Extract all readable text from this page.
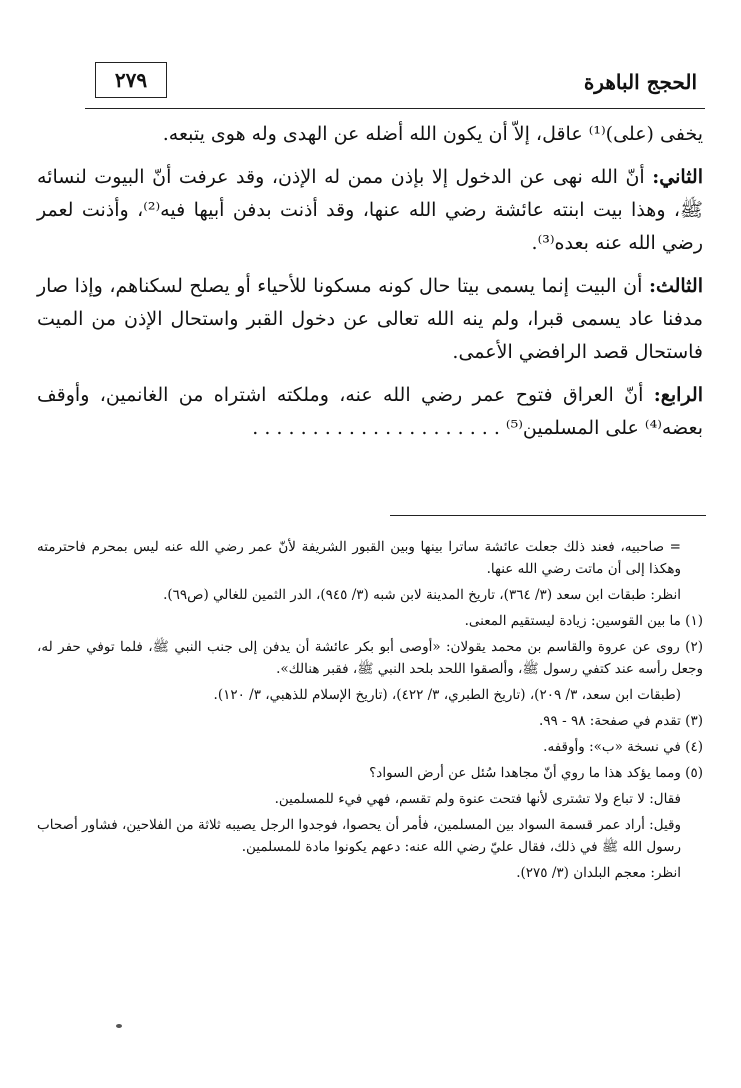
الحجج الباهرة
٢٧٩

يخفى (على)⁽¹⁾ عاقل، إلاّ أن يكون الله أضله عن الهدى وله هوى يتبعه.

الثاني: أنّ الله نهى عن الدخول إلا بإذن ممن له الإذن، وقد عرفت أنّ البيوت لنسائه ﷺ، وهذا بيت ابنته عائشة رضي الله عنها، وقد أذنت بدفن أبيها فيه⁽²⁾، وأذنت لعمر رضي الله عنه بعده⁽³⁾.

الثالث: أن البيت إنما يسمى بيتا حال كونه مسكونا للأحياء أو يصلح لسكناهم، وإذا صار مدفنا عاد يسمى قبرا، ولم ينه الله تعالى عن دخول القبر واستحال الإذن من الميت فاستحال قصد الرافضي الأعمى.

الرابع: أنّ العراق فتوح عمر رضي الله عنه، وملكته اشتراه من الغانمين، وأوقف بعضه⁽⁴⁾ على المسلمين⁽⁵⁾ . . . . . . . . . . . . . . . . . . . . .

= صاحبيه، فعند ذلك جعلت عائشة ساترا بينها وبين القبور الشريفة لأنّ عمر رضي الله عنه ليس بمحرم فاحترمته وهكذا إلى أن ماتت رضي الله عنها.

انظر: طبقات ابن سعد (٣/ ٣٦٤)، تاريخ المدينة لابن شبه (٣/ ٩٤٥)، الدر الثمين للغالي (ص٦٩).

(١) ما بين القوسين: زيادة ليستقيم المعنى.

(٢) روى عن عروة والقاسم بن محمد يقولان: «أوصى أبو بكر عائشة أن يدفن إلى جنب النبي ﷺ، فلما توفي حفر له، وجعل رأسه عند كتفي رسول ﷺ، وألصقوا اللحد بلحد النبي ﷺ، فقبر هنالك».

(طبقات ابن سعد، ٣/ ٢٠٩)، (تاريخ الطبري، ٣/ ٤٢٢)، (تاريخ الإسلام للذهبي، ٣/ ١٢٠).

(٣) تقدم في صفحة: ٩٨ - ٩٩.

(٤) في نسخة «ب»: وأوقفه.

(٥) ومما يؤكد هذا ما روي أنّ مجاهدا سُئل عن أرض السواد؟

فقال: لا تباع ولا تشترى لأنها فتحت عنوة ولم تقسم، فهي فيء للمسلمين.

وقيل: أراد عمر قسمة السواد بين المسلمين، فأمر أن يحصوا، فوجدوا الرجل يصيبه ثلاثة من الفلاحين، فشاور أصحاب رسول الله ﷺ في ذلك، فقال عليّ رضي الله عنه: دعهم يكونوا مادة للمسلمين.

انظر: معجم البلدان (٣/ ٢٧٥).
